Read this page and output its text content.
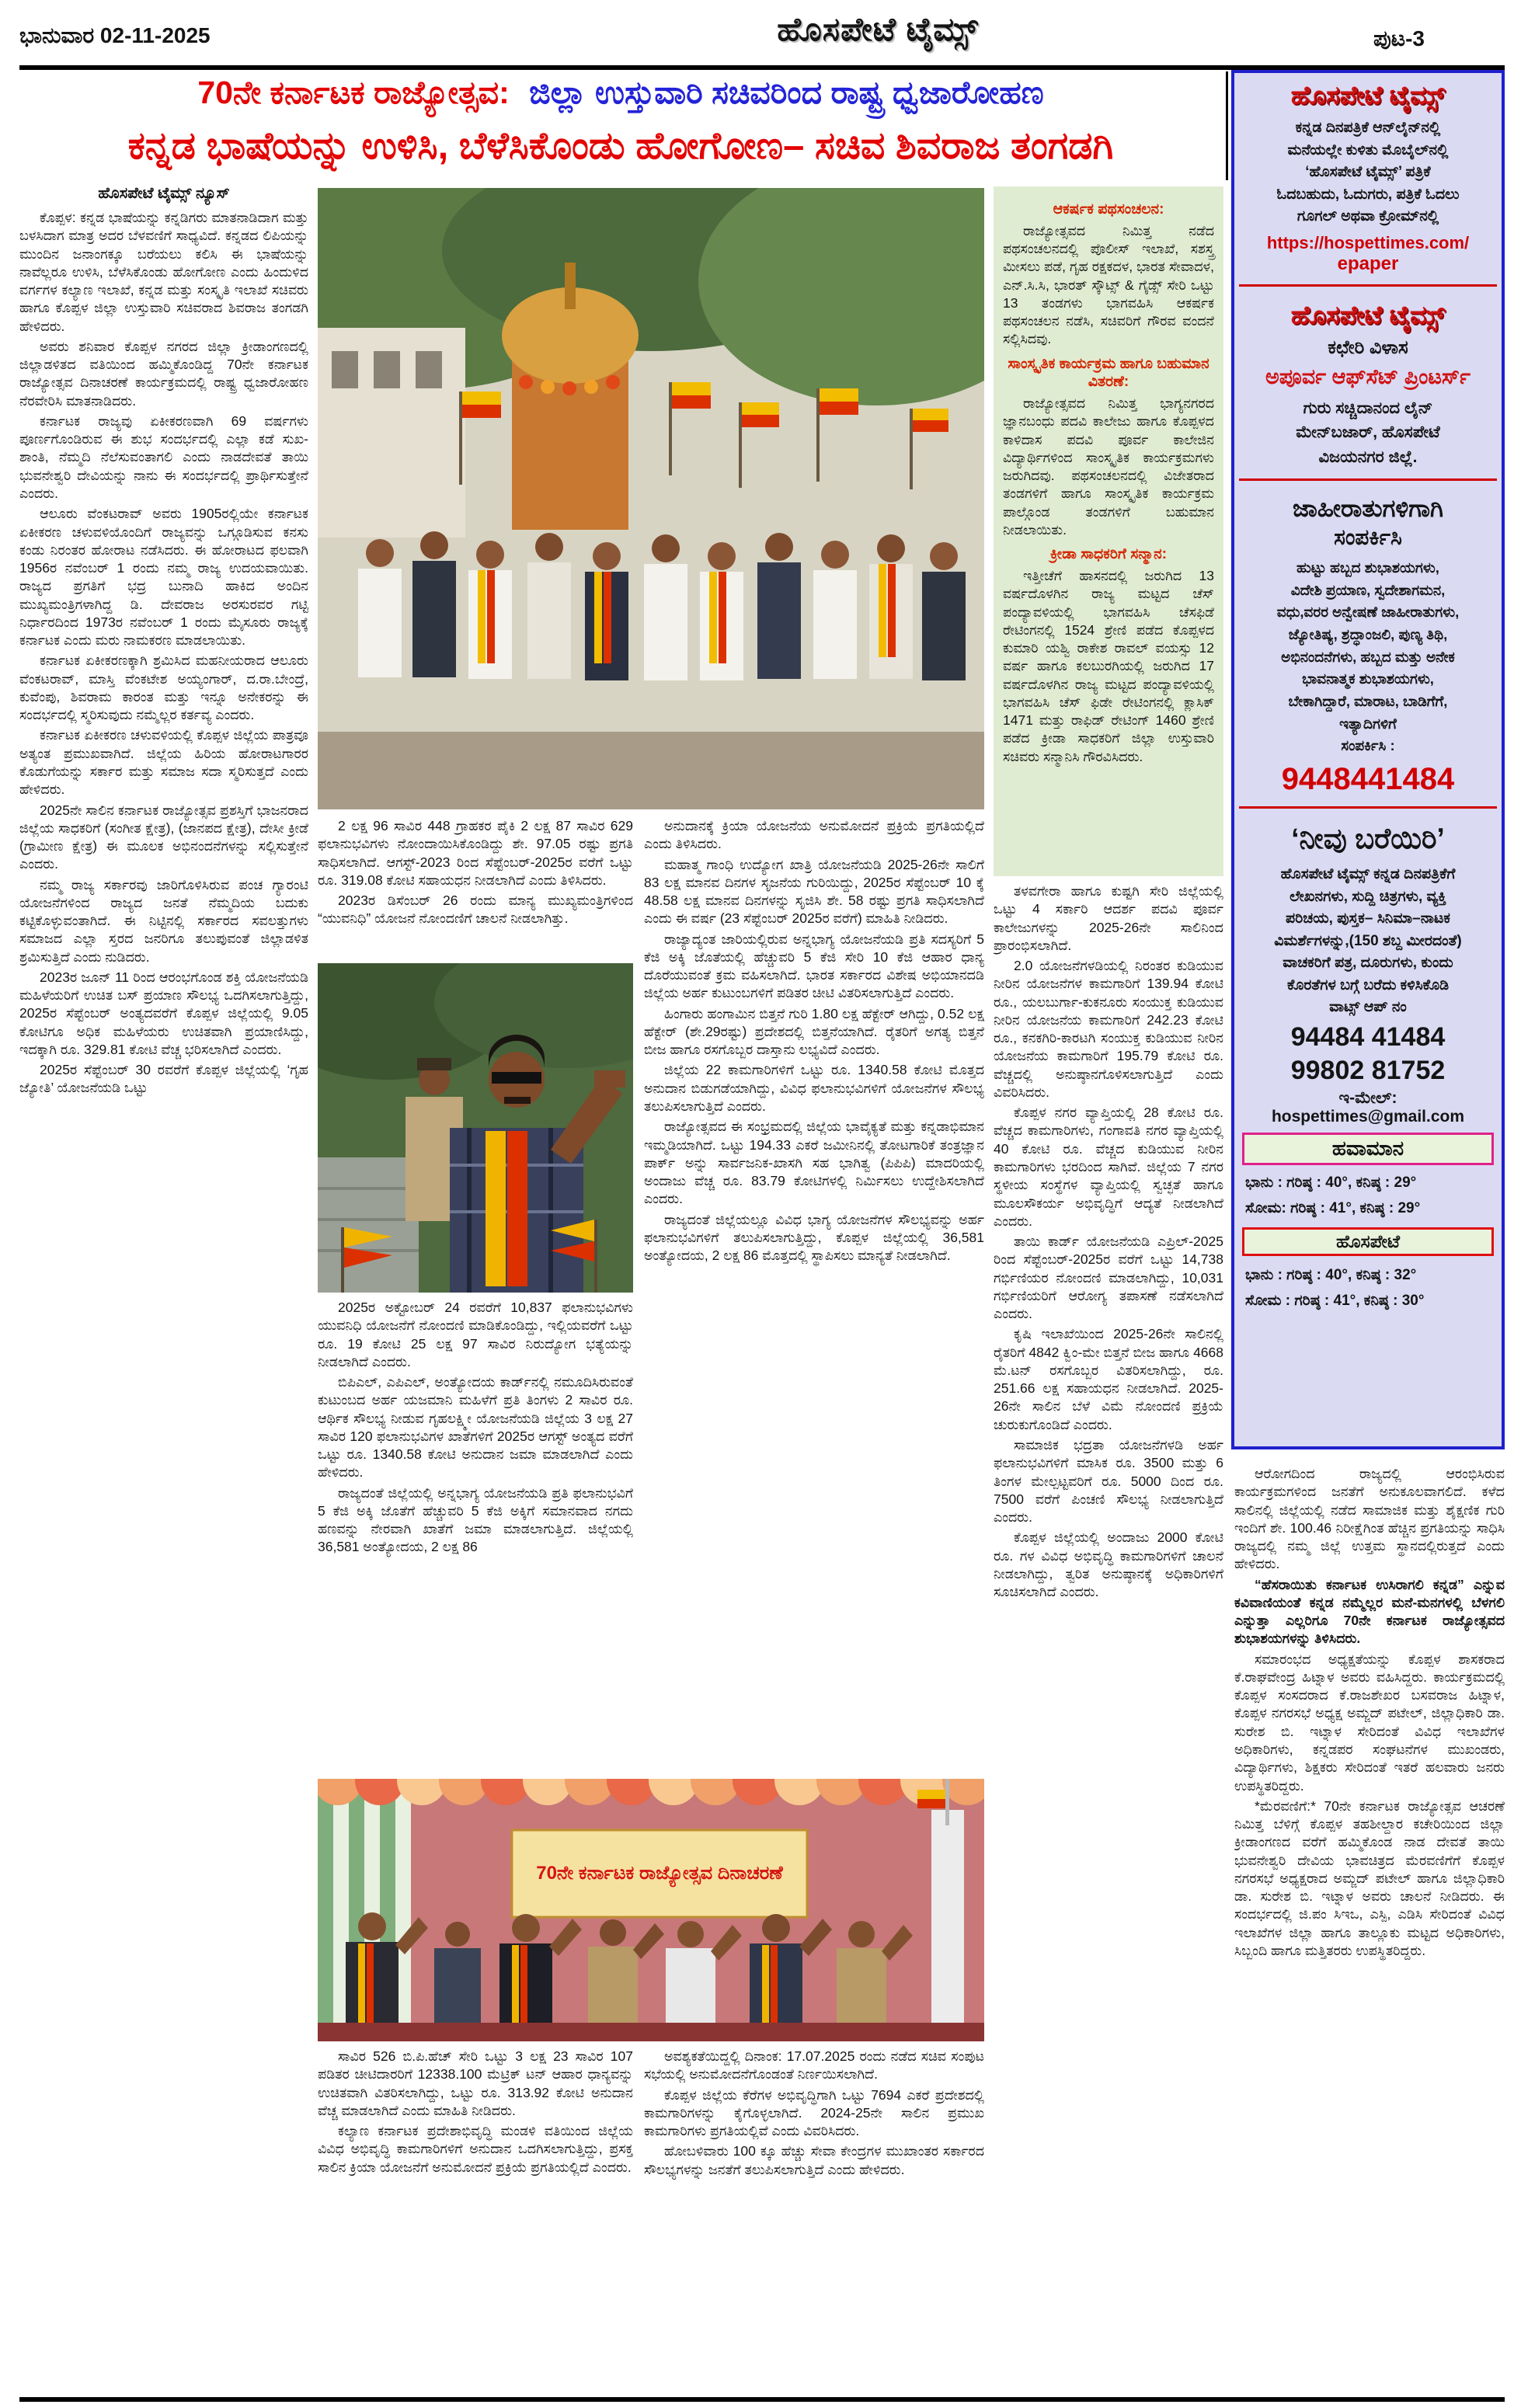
ಭಾನುವಾರ 02-11-2025	ಹೊಸಪೇಟೆ ಟೈಮ್ಸ್	ಪುಟ-3
70ನೇ ಕರ್ನಾಟಕ ರಾಜ್ಯೋತ್ಸವ: ಜಿಲ್ಲಾ ಉಸ್ತುವಾರಿ ಸಚಿವರಿಂದ ರಾಷ್ಟ್ರ ಧ್ವಜಾರೋಹಣ
ಕನ್ನಡ ಭಾಷೆಯನ್ನು ಉಳಿಸಿ, ಬೆಳೆಸಿಕೊಂಡು ಹೋಗೋಣ– ಸಚಿವ ಶಿವರಾಜ ತಂಗಡಗಿ

ಹೊಸಪೇಟೆ ಟೈಮ್ಸ್ ನ್ಯೂಸ್

ಕೊಪ್ಪಳ: ಕನ್ನಡ ಭಾಷೆಯನ್ನು ಕನ್ನಡಿಗರು ಮಾತನಾಡಿದಾಗ ಮತ್ತು ಬಳಸಿದಾಗ ಮಾತ್ರ ಅದರ ಬೆಳವಣಿಗೆ ಸಾಧ್ಯವಿದೆ. ಕನ್ನಡದ ಲಿಪಿಯನ್ನು ಮುಂದಿನ ಜನಾಂಗಕ್ಕೂ ಬರೆಯಲು ಕಲಿಸಿ ಈ ಭಾಷೆಯನ್ನು ನಾವೆಲ್ಲರೂ ಉಳಿಸಿ, ಬೆಳೆಸಿಕೊಂಡು ಹೋಗೋಣ ಎಂದು ಹಿಂದುಳಿದ ವರ್ಗಗಳ ಕಲ್ಯಾಣ ಇಲಾಖೆ, ಕನ್ನಡ ಮತ್ತು ಸಂಸ್ಕೃತಿ ಇಲಾಖೆ ಸಚಿವರು ಹಾಗೂ ಕೊಪ್ಪಳ ಜಿಲ್ಲಾ ಉಸ್ತುವಾರಿ ಸಚಿವರಾದ ಶಿವರಾಜ ತಂಗಡಗಿ ಹೇಳಿದರು.

ಅವರು ಶನಿವಾರ ಕೊಪ್ಪಳ ನಗರದ ಜಿಲ್ಲಾ ಕ್ರೀಡಾಂಗಣದಲ್ಲಿ ಜಿಲ್ಲಾಡಳಿತದ ವತಿಯಿಂದ ಹಮ್ಮಿಕೊಂಡಿದ್ದ 70ನೇ ಕರ್ನಾಟಕ ರಾಜ್ಯೋತ್ಸವ ದಿನಾಚರಣೆ ಕಾರ್ಯಕ್ರಮದಲ್ಲಿ ರಾಷ್ಟ್ರ ಧ್ವಜಾರೋಹಣ ನೆರವೇರಿಸಿ ಮಾತನಾಡಿದರು.

ಕರ್ನಾಟಕ ರಾಜ್ಯವು ಏಕೀಕರಣವಾಗಿ 69 ವರ್ಷಗಳು ಪೂರ್ಣಗೊಂಡಿರುವ ಈ ಶುಭ ಸಂದರ್ಭದಲ್ಲಿ ಎಲ್ಲಾ ಕಡೆ ಸುಖ-ಶಾಂತಿ, ನೆಮ್ಮದಿ ನೆಲೆಸುವಂತಾಗಲಿ ಎಂದು ನಾಡದೇವತೆ ತಾಯಿ ಭುವನೇಶ್ವರಿ ದೇವಿಯನ್ನು ನಾನು ಈ ಸಂದರ್ಭದಲ್ಲಿ ಪ್ರಾರ್ಥಿಸುತ್ತೇನೆ ಎಂದರು.

ಆಲೂರು ವೆಂಕಟರಾವ್ ಅವರು 1905ರಲ್ಲಿಯೇ ಕರ್ನಾಟಕ ಏಕೀಕರಣ ಚಳುವಳಿಯೊಂದಿಗೆ ರಾಜ್ಯವನ್ನು ಒಗ್ಗೂಡಿಸುವ ಕನಸು ಕಂಡು ನಿರಂತರ ಹೋರಾಟ ನಡೆಸಿದರು. ಈ ಹೋರಾಟದ ಫಲವಾಗಿ 1956ರ ನವೆಂಬರ್ 1 ರಂದು ನಮ್ಮ ರಾಜ್ಯ ಉದಯವಾಯಿತು. ರಾಜ್ಯದ ಪ್ರಗತಿಗೆ ಭದ್ರ ಬುನಾದಿ ಹಾಕಿದ ಅಂದಿನ ಮುಖ್ಯಮಂತ್ರಿಗಳಾಗಿದ್ದ ಡಿ. ದೇವರಾಜ ಅರಸುರವರ ಗಟ್ಟಿ ನಿರ್ಧಾರದಿಂದ 1973ರ ನವೆಂಬರ್ 1 ರಂದು ಮೈಸೂರು ರಾಜ್ಯಕ್ಕೆ ಕರ್ನಾಟಕ ಎಂದು ಮರು ನಾಮಕರಣ ಮಾಡಲಾಯಿತು.

ಕರ್ನಾಟಕ ಏಕೀಕರಣಕ್ಕಾಗಿ ಶ್ರಮಿಸಿದ ಮಹನೀಯರಾದ ಆಲೂರು ವೆಂಕಟರಾವ್, ಮಾಸ್ತಿ ವೆಂಕಟೇಶ ಅಯ್ಯಂಗಾರ್, ದ.ರಾ.ಬೇಂದ್ರೆ, ಕುವೆಂಪು, ಶಿವರಾಮ ಕಾರಂತ ಮತ್ತು ಇನ್ನೂ ಅನೇಕರನ್ನು ಈ ಸಂದರ್ಭದಲ್ಲಿ ಸ್ಮರಿಸುವುದು ನಮ್ಮೆಲ್ಲರ ಕರ್ತವ್ಯ ಎಂದರು.

ಕರ್ನಾಟಕ ಏಕೀಕರಣ ಚಳುವಳಿಯಲ್ಲಿ ಕೊಪ್ಪಳ ಜಿಲ್ಲೆಯ ಪಾತ್ರವೂ ಅತ್ಯಂತ ಪ್ರಮುಖವಾಗಿದೆ. ಜಿಲ್ಲೆಯ ಹಿರಿಯ ಹೋರಾಟಗಾರರ ಕೊಡುಗೆಯನ್ನು ಸರ್ಕಾರ ಮತ್ತು ಸಮಾಜ ಸದಾ ಸ್ಮರಿಸುತ್ತದೆ ಎಂದು ಹೇಳಿದರು.

2025ನೇ ಸಾಲಿನ ಕರ್ನಾಟಕ ರಾಜ್ಯೋತ್ಸವ ಪ್ರಶಸ್ತಿಗೆ ಭಾಜನರಾದ ಜಿಲ್ಲೆಯ ಸಾಧಕರಿಗೆ (ಸಂಗೀತ ಕ್ಷೇತ್ರ), (ಜಾನಪದ ಕ್ಷೇತ್ರ), ದೇಸೀ ಕ್ರೀಡೆ (ಗ್ರಾಮೀಣ ಕ್ಷೇತ್ರ) ಈ ಮೂಲಕ ಅಭಿನಂದನೆಗಳನ್ನು ಸಲ್ಲಿಸುತ್ತೇನೆ ಎಂದರು.

ನಮ್ಮ ರಾಜ್ಯ ಸರ್ಕಾರವು ಜಾರಿಗೊಳಿಸಿರುವ ಪಂಚ ಗ್ಯಾರಂಟಿ ಯೋಜನೆಗಳಿಂದ ರಾಜ್ಯದ ಜನತೆ ನೆಮ್ಮದಿಯ ಬದುಕು ಕಟ್ಟಿಕೊಳ್ಳುವಂತಾಗಿದೆ. ಈ ನಿಟ್ಟಿನಲ್ಲಿ ಸರ್ಕಾರದ ಸವಲತ್ತುಗಳು ಸಮಾಜದ ಎಲ್ಲಾ ಸ್ತರದ ಜನರಿಗೂ ತಲುಪುವಂತೆ ಜಿಲ್ಲಾಡಳಿತ ಶ್ರಮಿಸುತ್ತಿದೆ ಎಂದು ನುಡಿದರು.

2023ರ ಜೂನ್ 11 ರಿಂದ ಆರಂಭಗೊಂಡ ಶಕ್ತಿ ಯೋಜನೆಯಡಿ ಮಹಿಳೆಯರಿಗೆ ಉಚಿತ ಬಸ್ ಪ್ರಯಾಣ ಸೌಲಭ್ಯ ಒದಗಿಸಲಾಗುತ್ತಿದ್ದು, 2025ರ ಸೆಪ್ಟೆಂಬರ್ ಅಂತ್ಯದವರೆಗೆ ಕೊಪ್ಪಳ ಜಿಲ್ಲೆಯಲ್ಲಿ 9.05 ಕೋಟಿಗೂ ಅಧಿಕ ಮಹಿಳೆಯರು ಉಚಿತವಾಗಿ ಪ್ರಯಾಣಿಸಿದ್ದು, ಇದಕ್ಕಾಗಿ ರೂ. 329.81 ಕೋಟಿ ವೆಚ್ಚ ಭರಿಸಲಾಗಿದೆ ಎಂದರು.

2025ರ ಸೆಪ್ಟೆಂಬರ್ 30 ರವರೆಗೆ ಕೊಪ್ಪಳ ಜಿಲ್ಲೆಯಲ್ಲಿ ‘ಗೃಹ ಜ್ಯೋತಿ’ ಯೋಜನೆಯಡಿ ಒಟ್ಟು

2 ಲಕ್ಷ 96 ಸಾವಿರ 448 ಗ್ರಾಹಕರ ಪೈಕಿ 2 ಲಕ್ಷ 87 ಸಾವಿರ 629 ಫಲಾನುಭವಿಗಳು ನೋಂದಾಯಿಸಿಕೊಂಡಿದ್ದು ಶೇ. 97.05 ರಷ್ಟು ಪ್ರಗತಿ ಸಾಧಿಸಲಾಗಿದೆ. ಆಗಸ್ಟ್-2023 ರಿಂದ ಸೆಪ್ಟೆಂಬರ್-2025ರ ವರೆಗೆ ಒಟ್ಟು ರೂ. 319.08 ಕೋಟಿ ಸಹಾಯಧನ ನೀಡಲಾಗಿದೆ ಎಂದು ತಿಳಿಸಿದರು.

2023ರ ಡಿಸೆಂಬರ್ 26 ರಂದು ಮಾನ್ಯ ಮುಖ್ಯಮಂತ್ರಿಗಳಿಂದ “ಯುವನಿಧಿ” ಯೋಜನೆ ನೋಂದಣಿಗೆ ಚಾಲನೆ ನೀಡಲಾಗಿತ್ತು.

2025ರ ಅಕ್ಟೋಬರ್ 24 ರವರೆಗೆ 10,837 ಫಲಾನುಭವಿಗಳು ಯುವನಿಧಿ ಯೋಜನೆಗೆ ನೋಂದಣಿ ಮಾಡಿಕೊಂಡಿದ್ದು, ಇಲ್ಲಿಯವರೆಗೆ ಒಟ್ಟು ರೂ. 19 ಕೋಟಿ 25 ಲಕ್ಷ 97 ಸಾವಿರ ನಿರುದ್ಯೋಗ ಭತ್ಯೆಯನ್ನು ನೀಡಲಾಗಿದೆ ಎಂದರು.

ಬಿಪಿಎಲ್, ಎಪಿಎಲ್, ಅಂತ್ಯೋದಯ ಕಾರ್ಡ್‌ನಲ್ಲಿ ನಮೂದಿಸಿರುವಂತೆ ಕುಟುಂಬದ ಅರ್ಹ ಯಜಮಾನಿ ಮಹಿಳೆಗೆ ಪ್ರತಿ ತಿಂಗಳು 2 ಸಾವಿರ ರೂ. ಆರ್ಥಿಕ ಸೌಲಭ್ಯ ನೀಡುವ ಗೃಹಲಕ್ಷ್ಮೀ ಯೋಜನೆಯಡಿ ಜಿಲ್ಲೆಯ 3 ಲಕ್ಷ 27 ಸಾವಿರ 120 ಫಲಾನುಭವಿಗಳ ಖಾತೆಗಳಿಗೆ 2025ರ ಆಗಸ್ಟ್ ಅಂತ್ಯದ ವರೆಗೆ ಒಟ್ಟು ರೂ. 1340.58 ಕೋಟಿ ಅನುದಾನ ಜಮಾ ಮಾಡಲಾಗಿದೆ ಎಂದು ಹೇಳಿದರು.

ರಾಜ್ಯದಂತೆ ಜಿಲ್ಲೆಯಲ್ಲಿ ಅನ್ನಭಾಗ್ಯ ಯೋಜನೆಯಡಿ ಪ್ರತಿ ಫಲಾನುಭವಿಗೆ 5 ಕೆಜಿ ಅಕ್ಕಿ ಜೊತೆಗೆ ಹೆಚ್ಚುವರಿ 5 ಕೆಜಿ ಅಕ್ಕಿಗೆ ಸಮಾನವಾದ ನಗದು ಹಣವನ್ನು ನೇರವಾಗಿ ಖಾತೆಗೆ ಜಮಾ ಮಾಡಲಾಗುತ್ತಿದೆ. ಜಿಲ್ಲೆಯಲ್ಲಿ 36,581 ಅಂತ್ಯೋದಯ, 2 ಲಕ್ಷ 86

ಅನುದಾನಕ್ಕೆ ಕ್ರಿಯಾ ಯೋಜನೆಯ ಅನುಮೋದನೆ ಪ್ರಕ್ರಿಯೆ ಪ್ರಗತಿಯಲ್ಲಿದೆ ಎಂದು ತಿಳಿಸಿದರು.

ಮಹಾತ್ಮ ಗಾಂಧಿ ಉದ್ಯೋಗ ಖಾತ್ರಿ ಯೋಜನೆಯಡಿ 2025-26ನೇ ಸಾಲಿಗೆ 83 ಲಕ್ಷ ಮಾನವ ದಿನಗಳ ಸೃಜನೆಯ ಗುರಿಯಿದ್ದು, 2025ರ ಸೆಪ್ಟೆಂಬರ್ 10 ಕ್ಕೆ 48.58 ಲಕ್ಷ ಮಾನವ ದಿನಗಳನ್ನು ಸೃಜಿಸಿ ಶೇ. 58 ರಷ್ಟು ಪ್ರಗತಿ ಸಾಧಿಸಲಾಗಿದೆ ಎಂದು ಈ ವರ್ಷ (23 ಸೆಪ್ಟೆಂಬರ್ 2025ರ ವರೆಗೆ) ಮಾಹಿತಿ ನೀಡಿದರು.

ರಾಜ್ಯಾದ್ಯಂತ ಜಾರಿಯಲ್ಲಿರುವ ಅನ್ನಭಾಗ್ಯ ಯೋಜನೆಯಡಿ ಪ್ರತಿ ಸದಸ್ಯರಿಗೆ 5 ಕೆಜಿ ಅಕ್ಕಿ ಜೊತೆಯಲ್ಲಿ ಹೆಚ್ಚುವರಿ 5 ಕೆಜಿ ಸೇರಿ 10 ಕೆಜಿ ಆಹಾರ ಧಾನ್ಯ ದೊರೆಯುವಂತೆ ಕ್ರಮ ವಹಿಸಲಾಗಿದೆ. ಭಾರತ ಸರ್ಕಾರದ ವಿಶೇಷ ಅಭಿಯಾನದಡಿ ಜಿಲ್ಲೆಯ ಅರ್ಹ ಕುಟುಂಬಗಳಿಗೆ ಪಡಿತರ ಚೀಟಿ ವಿತರಿಸಲಾಗುತ್ತಿದೆ ಎಂದರು.

ಹಿಂಗಾರು ಹಂಗಾಮಿನ ಬಿತ್ತನೆ ಗುರಿ 1.80 ಲಕ್ಷ ಹೆಕ್ಟೇರ್ ಆಗಿದ್ದು, 0.52 ಲಕ್ಷ ಹೆಕ್ಟೇರ್ (ಶೇ.29ರಷ್ಟು) ಪ್ರದೇಶದಲ್ಲಿ ಬಿತ್ತನೆಯಾಗಿದೆ. ರೈತರಿಗೆ ಅಗತ್ಯ ಬಿತ್ತನೆ ಬೀಜ ಹಾಗೂ ರಸಗೊಬ್ಬರ ದಾಸ್ತಾನು ಲಭ್ಯವಿದೆ ಎಂದರು.

ಜಿಲ್ಲೆಯ 22 ಕಾಮಗಾರಿಗಳಿಗೆ ಒಟ್ಟು ರೂ. 1340.58 ಕೋಟಿ ಮೊತ್ತದ ಅನುದಾನ ಬಿಡುಗಡೆಯಾಗಿದ್ದು, ವಿವಿಧ ಫಲಾನುಭವಿಗಳಿಗೆ ಯೋಜನೆಗಳ ಸೌಲಭ್ಯ ತಲುಪಿಸಲಾಗುತ್ತಿದೆ ಎಂದರು.

ರಾಜ್ಯೋತ್ಸವದ ಈ ಸಂಭ್ರಮದಲ್ಲಿ ಜಿಲ್ಲೆಯ ಭಾವೈಕ್ಯತೆ ಮತ್ತು ಕನ್ನಡಾಭಿಮಾನ ಇಮ್ಮಡಿಯಾಗಿದೆ. ಒಟ್ಟು 194.33 ಎಕರೆ ಜಮೀನಿನಲ್ಲಿ ತೋಟಗಾರಿಕೆ ತಂತ್ರಜ್ಞಾನ ಪಾರ್ಕ್ ಅನ್ನು ಸಾರ್ವಜನಿಕ-ಖಾಸಗಿ ಸಹ ಭಾಗಿತ್ವ (ಪಿಪಿಪಿ) ಮಾದರಿಯಲ್ಲಿ ಅಂದಾಜು ವೆಚ್ಚ ರೂ. 83.79 ಕೋಟಿಗಳಲ್ಲಿ ನಿರ್ಮಿಸಲು ಉದ್ದೇಶಿಸಲಾಗಿದೆ ಎಂದರು.

ರಾಜ್ಯದಂತೆ ಜಿಲ್ಲೆಯಲ್ಲೂ ವಿವಿಧ ಭಾಗ್ಯ ಯೋಜನೆಗಳ ಸೌಲಭ್ಯವನ್ನು ಅರ್ಹ ಫಲಾನುಭವಿಗಳಿಗೆ ತಲುಪಿಸಲಾಗುತ್ತಿದ್ದು, ಕೊಪ್ಪಳ ಜಿಲ್ಲೆಯಲ್ಲಿ 36,581 ಅಂತ್ಯೋದಯ, 2 ಲಕ್ಷ 86 ಮೊತ್ತದಲ್ಲಿ ಸ್ಥಾಪಿಸಲು ಮಾನ್ಯತೆ ನೀಡಲಾಗಿದೆ.

70ನೇ ಕರ್ನಾಟಕ ರಾಜ್ಯೋತ್ಸವ ದಿನಾಚರಣೆ

ಸಾವಿರ 526 ಬಿ.ಪಿ.ಹೆಚ್ ಸೇರಿ ಒಟ್ಟು 3 ಲಕ್ಷ 23 ಸಾವಿರ 107 ಪಡಿತರ ಚೀಟಿದಾರರಿಗೆ 12338.100 ಮೆಟ್ರಿಕ್ ಟನ್ ಆಹಾರ ಧಾನ್ಯವನ್ನು ಉಚಿತವಾಗಿ ವಿತರಿಸಲಾಗಿದ್ದು, ಒಟ್ಟು ರೂ. 313.92 ಕೋಟಿ ಅನುದಾನ ವೆಚ್ಚ ಮಾಡಲಾಗಿದೆ ಎಂದು ಮಾಹಿತಿ ನೀಡಿದರು.

ಕಲ್ಯಾಣ ಕರ್ನಾಟಕ ಪ್ರದೇಶಾಭಿವೃದ್ಧಿ ಮಂಡಳಿ ವತಿಯಿಂದ ಜಿಲ್ಲೆಯ ವಿವಿಧ ಅಭಿವೃದ್ಧಿ ಕಾಮಗಾರಿಗಳಿಗೆ ಅನುದಾನ ಒದಗಿಸಲಾಗುತ್ತಿದ್ದು, ಪ್ರಸಕ್ತ ಸಾಲಿನ ಕ್ರಿಯಾ ಯೋಜನೆಗೆ ಅನುಮೋದನೆ ಪ್ರಕ್ರಿಯೆ ಪ್ರಗತಿಯಲ್ಲಿದೆ ಎಂದರು.

ಅವಶ್ಯಕತೆಯಿದ್ದಲ್ಲಿ ದಿನಾಂಕ: 17.07.2025 ರಂದು ನಡೆದ ಸಚಿವ ಸಂಪುಟ ಸಭೆಯಲ್ಲಿ ಅನುಮೋದನೆಗೊಂಡಂತೆ ನಿರ್ಣಯಿಸಲಾಗಿದೆ.

ಕೊಪ್ಪಳ ಜಿಲ್ಲೆಯ ಕೆರೆಗಳ ಅಭಿವೃದ್ಧಿಗಾಗಿ ಒಟ್ಟು 7694 ಎಕರೆ ಪ್ರದೇಶದಲ್ಲಿ ಕಾಮಗಾರಿಗಳನ್ನು ಕೈಗೊಳ್ಳಲಾಗಿದೆ. 2024-25ನೇ ಸಾಲಿನ ಪ್ರಮುಖ ಕಾಮಗಾರಿಗಳು ಪ್ರಗತಿಯಲ್ಲಿವೆ ಎಂದು ವಿವರಿಸಿದರು.

ಹೋಬಳಿವಾರು 100 ಕ್ಕೂ ಹೆಚ್ಚು ಸೇವಾ ಕೇಂದ್ರಗಳ ಮುಖಾಂತರ ಸರ್ಕಾರದ ಸೌಲಭ್ಯಗಳನ್ನು ಜನತೆಗೆ ತಲುಪಿಸಲಾಗುತ್ತಿದೆ ಎಂದು ಹೇಳಿದರು.

ಆಕರ್ಷಕ ಪಥಸಂಚಲನ:

ರಾಜ್ಯೋತ್ಸವದ ನಿಮಿತ್ತ ನಡೆದ ಪಥಸಂಚಲನದಲ್ಲಿ ಪೊಲೀಸ್ ಇಲಾಖೆ, ಸಶಸ್ತ್ರ ಮೀಸಲು ಪಡೆ, ಗೃಹ ರಕ್ಷಕದಳ, ಭಾರತ ಸೇವಾದಳ, ಎನ್.ಸಿ.ಸಿ, ಭಾರತ್ ಸ್ಕೌಟ್ಸ್ & ಗೈಡ್ಸ್ ಸೇರಿ ಒಟ್ಟು 13 ತಂಡಗಳು ಭಾಗವಹಿಸಿ ಆಕರ್ಷಕ ಪಥಸಂಚಲನ ನಡೆಸಿ, ಸಚಿವರಿಗೆ ಗೌರವ ವಂದನೆ ಸಲ್ಲಿಸಿದವು.

ಸಾಂಸ್ಕೃತಿಕ ಕಾರ್ಯಕ್ರಮ ಹಾಗೂ ಬಹುಮಾನ ವಿತರಣೆ:

ರಾಜ್ಯೋತ್ಸವದ ನಿಮಿತ್ತ ಭಾಗ್ಯನಗರದ ಜ್ಞಾನಬಂಧು ಪದವಿ ಕಾಲೇಜು ಹಾಗೂ ಕೊಪ್ಪಳದ ಕಾಳಿದಾಸ ಪದವಿ ಪೂರ್ವ ಕಾಲೇಜಿನ ವಿದ್ಯಾರ್ಥಿಗಳಿಂದ ಸಾಂಸ್ಕೃತಿಕ ಕಾರ್ಯಕ್ರಮಗಳು ಜರುಗಿದವು. ಪಥಸಂಚಲನದಲ್ಲಿ ವಿಜೇತರಾದ ತಂಡಗಳಿಗೆ ಹಾಗೂ ಸಾಂಸ್ಕೃತಿಕ ಕಾರ್ಯಕ್ರಮ ಪಾಲ್ಗೊಂಡ ತಂಡಗಳಿಗೆ ಬಹುಮಾನ ನೀಡಲಾಯಿತು.

ಕ್ರೀಡಾ ಸಾಧಕರಿಗೆ ಸನ್ಮಾನ:

ಇತ್ತೀಚೆಗೆ ಹಾಸನದಲ್ಲಿ ಜರುಗಿದ 13 ವರ್ಷದೊಳಗಿನ ರಾಜ್ಯ ಮಟ್ಟದ ಚೆಸ್ ಪಂದ್ಯಾವಳಿಯಲ್ಲಿ ಭಾಗವಹಿಸಿ ಚೆಸಫಿಡೆ ರೇಟಿಂಗನಲ್ಲಿ 1524 ಶ್ರೇಣಿ ಪಡೆದ ಕೊಪ್ಪಳದ ಕುಮಾರಿ ಯಶ್ವಿ ರಾಕೇಶ ರಾವಲ್ ವಯಸ್ಸು 12 ವರ್ಷ ಹಾಗೂ ಕಲಬುರಗಿಯಲ್ಲಿ ಜರುಗಿದ 17 ವರ್ಷದೊಳಗಿನ ರಾಜ್ಯ ಮಟ್ಟದ ಪಂದ್ಯಾವಳಿಯಲ್ಲಿ ಭಾಗವಹಿಸಿ ಚೆಸ್ ಫಿಡೇ ರೇಟಿಂಗನಲ್ಲಿ ಕ್ಲಾಸಿಕ್ 1471 ಮತ್ತು ರಾಫಿಡ್ ರೇಟಿಂಗ್ 1460 ಶ್ರೇಣಿ ಪಡೆದ ಕ್ರೀಡಾ ಸಾಧಕರಿಗೆ ಜಿಲ್ಲಾ ಉಸ್ತುವಾರಿ ಸಚಿವರು ಸನ್ಮಾನಿಸಿ ಗೌರವಿಸಿದರು.

ತಳವಗೇರಾ ಹಾಗೂ ಕುಷ್ಟಗಿ ಸೇರಿ ಜಿಲ್ಲೆಯಲ್ಲಿ ಒಟ್ಟು 4 ಸರ್ಕಾರಿ ಆದರ್ಶ ಪದವಿ ಪೂರ್ವ ಕಾಲೇಜುಗಳನ್ನು 2025-26ನೇ ಸಾಲಿನಿಂದ ಪ್ರಾರಂಭಿಸಲಾಗಿದೆ.

2.0 ಯೋಜನೆಗಳಡಿಯಲ್ಲಿ ನಿರಂತರ ಕುಡಿಯುವ ನೀರಿನ ಯೋಜನೆಗಳ ಕಾಮಗಾರಿಗೆ 139.94 ಕೋಟಿ ರೂ., ಯಲಬುರ್ಗಾ-ಕುಕನೂರು ಸಂಯುಕ್ತ ಕುಡಿಯುವ ನೀರಿನ ಯೋಜನೆಯ ಕಾಮಗಾರಿಗೆ 242.23 ಕೋಟಿ ರೂ., ಕನಕಗಿರಿ-ಕಾರಟಗಿ ಸಂಯುಕ್ತ ಕುಡಿಯುವ ನೀರಿನ ಯೋಜನೆಯ ಕಾಮಗಾರಿಗೆ 195.79 ಕೋಟಿ ರೂ. ವೆಚ್ಚದಲ್ಲಿ ಅನುಷ್ಠಾನಗೊಳಿಸಲಾಗುತ್ತಿದೆ ಎಂದು ವಿವರಿಸಿದರು.

ಕೊಪ್ಪಳ ನಗರ ವ್ಯಾಪ್ತಿಯಲ್ಲಿ 28 ಕೋಟಿ ರೂ. ವೆಚ್ಚದ ಕಾಮಗಾರಿಗಳು, ಗಂಗಾವತಿ ನಗರ ವ್ಯಾಪ್ತಿಯಲ್ಲಿ 40 ಕೋಟಿ ರೂ. ವೆಚ್ಚದ ಕುಡಿಯುವ ನೀರಿನ ಕಾಮಗಾರಿಗಳು ಭರದಿಂದ ಸಾಗಿವೆ. ಜಿಲ್ಲೆಯ 7 ನಗರ ಸ್ಥಳೀಯ ಸಂಸ್ಥೆಗಳ ವ್ಯಾಪ್ತಿಯಲ್ಲಿ ಸ್ವಚ್ಛತೆ ಹಾಗೂ ಮೂಲಸೌಕರ್ಯ ಅಭಿವೃದ್ಧಿಗೆ ಆದ್ಯತೆ ನೀಡಲಾಗಿದೆ ಎಂದರು.

ತಾಯಿ ಕಾರ್ಡ್ ಯೋಜನೆಯಡಿ ಎಪ್ರಿಲ್-2025 ರಿಂದ ಸೆಪ್ಟೆಂಬರ್-2025ರ ವರೆಗೆ ಒಟ್ಟು 14,738 ಗರ್ಭಿಣಿಯರ ನೋಂದಣಿ ಮಾಡಲಾಗಿದ್ದು, 10,031 ಗರ್ಭಿಣಿಯರಿಗೆ ಆರೋಗ್ಯ ತಪಾಸಣೆ ನಡೆಸಲಾಗಿದೆ ಎಂದರು.

ಕೃಷಿ ಇಲಾಖೆಯಿಂದ 2025-26ನೇ ಸಾಲಿನಲ್ಲಿ ರೈತರಿಗೆ 4842 ಕ್ವಿಂ-ಮೇ ಬಿತ್ತನೆ ಬೀಜ ಹಾಗೂ 4668 ಮೆ.ಟನ್ ರಸಗೊಬ್ಬರ ವಿತರಿಸಲಾಗಿದ್ದು, ರೂ. 251.66 ಲಕ್ಷ ಸಹಾಯಧನ ನೀಡಲಾಗಿದೆ. 2025-26ನೇ ಸಾಲಿನ ಬೆಳೆ ವಿಮೆ ನೋಂದಣಿ ಪ್ರಕ್ರಿಯೆ ಚುರುಕುಗೊಂಡಿದೆ ಎಂದರು.

ಸಾಮಾಜಿಕ ಭದ್ರತಾ ಯೋಜನೆಗಳಡಿ ಅರ್ಹ ಫಲಾನುಭವಿಗಳಿಗೆ ಮಾಸಿಕ ರೂ. 3500 ಮತ್ತು 6 ತಿಂಗಳ ಮೇಲ್ಪಟ್ಟವರಿಗೆ ರೂ. 5000 ದಿಂದ ರೂ. 7500 ವರೆಗೆ ಪಿಂಚಣಿ ಸೌಲಭ್ಯ ನೀಡಲಾಗುತ್ತಿದೆ ಎಂದರು.

ಕೊಪ್ಪಳ ಜಿಲ್ಲೆಯಲ್ಲಿ ಅಂದಾಜು 2000 ಕೋಟಿ ರೂ. ಗಳ ವಿವಿಧ ಅಭಿವೃದ್ಧಿ ಕಾಮಗಾರಿಗಳಿಗೆ ಚಾಲನೆ ನೀಡಲಾಗಿದ್ದು, ತ್ವರಿತ ಅನುಷ್ಠಾನಕ್ಕೆ ಅಧಿಕಾರಿಗಳಿಗೆ ಸೂಚಿಸಲಾಗಿದೆ ಎಂದರು.

ಹೊಸಪೇಟೆ ಟೈಮ್ಸ್

ಕನ್ನಡ ದಿನಪತ್ರಿಕೆ ಆನ್‌ಲೈನ್‌ನಲ್ಲಿ

ಮನೆಯಲ್ಲೇ ಕುಳಿತು ಮೊಬೈಲ್‌ನಲ್ಲಿ

‘ಹೊಸಪೇಟೆ ಟೈಮ್ಸ್’ ಪತ್ರಿಕೆ

ಓದಬಹುದು, ಓದುಗರು, ಪತ್ರಿಕೆ ಓದಲು

ಗೂಗಲ್ ಅಥವಾ ಕ್ರೋಮ್‌ನಲ್ಲಿ

https://hospettimes.com/
epaper
ಹೊಸಪೇಟೆ ಟೈಮ್ಸ್
ಕಛೇರಿ ವಿಳಾಸ
ಅಪೂರ್ವ ಆಫ್‌ಸೆಟ್ ಪ್ರಿಂಟರ್ಸ್

ಗುರು ಸಚ್ಚಿದಾನಂದ ಲೈನ್

ಮೇನ್‌ಬಜಾರ್, ಹೊಸಪೇಟೆ

ವಿಜಯನಗರ ಜಿಲ್ಲೆ.

ಜಾಹೀರಾತುಗಳಿಗಾಗಿ
ಸಂಪರ್ಕಿಸಿ

ಹುಟ್ಟು ಹಬ್ಬದ ಶುಭಾಶಯಗಳು,

ವಿದೇಶಿ ಪ್ರಯಾಣ, ಸ್ವದೇಶಾಗಮನ,

ವಧು,ವರರ ಅನ್ವೇಷಣೆ ಜಾಹೀರಾತುಗಳು,

ಜ್ಯೋತಿಷ್ಯ, ಶ್ರದ್ಧಾಂಜಲಿ, ಪುಣ್ಯ ತಿಥಿ,

ಅಭಿನಂದನೆಗಳು, ಹಬ್ಬದ ಮತ್ತು ಅನೇಕ

ಭಾವನಾತ್ಮಕ ಶುಭಾಶಯಗಳು,

ಬೇಕಾಗಿದ್ದಾರೆ, ಮಾರಾಟ, ಬಾಡಿಗೆಗೆ,

ಇತ್ಯಾದಿಗಳಿಗೆ

ಸಂಪರ್ಕಿಸಿ :

9448441484
‘ನೀವು ಬರೆಯಿರಿ’

ಹೊಸಪೇಟೆ ಟೈಮ್ಸ್ ಕನ್ನಡ ದಿನಪತ್ರಿಕೆಗೆ

ಲೇಖನಗಳು, ಸುದ್ದಿ ಚಿತ್ರಗಳು, ವ್ಯಕ್ತಿ

ಪರಿಚಯ, ಪುಸ್ತಕ– ಸಿನಿಮಾ–ನಾಟಕ

ವಿಮರ್ಶೆಗಳನ್ನು,(150 ಶಬ್ದ ಮೀರದಂತೆ)

ವಾಚಕರಿಗೆ ಪತ್ರ, ದೂರುಗಳು, ಕುಂದು

ಕೊರತೆಗಳ ಬಗ್ಗೆ ಬರೆದು ಕಳಿಸಿಕೊಡಿ

ವಾಟ್ಸ್ ಆಪ್ ನಂ

94484 41484
99802 81752
ಇ-ಮೇಲ್: hospettimes@gmail.com
ಹವಾಮಾನ

ಭಾನು : ಗರಿಷ್ಠ : 40°, ಕನಿಷ್ಠ : 29°

ಸೋಮ: ಗರಿಷ್ಠ : 41°, ಕನಿಷ್ಠ : 29°

ಹೊಸಪೇಟೆ

ಭಾನು : ಗರಿಷ್ಠ : 40°, ಕನಿಷ್ಠ : 32°

ಸೋಮ : ಗರಿಷ್ಠ : 41°, ಕನಿಷ್ಠ : 30°

ಆರೋಗದಿಂದ ರಾಜ್ಯದಲ್ಲಿ ಆರಂಭಿಸಿರುವ ಕಾರ್ಯಕ್ರಮಗಳಿಂದ ಜನತೆಗೆ ಅನುಕೂಲವಾಗಲಿದೆ. ಕಳೆದ ಸಾಲಿನಲ್ಲಿ ಜಿಲ್ಲೆಯಲ್ಲಿ ನಡೆದ ಸಾಮಾಜಿಕ ಮತ್ತು ಶೈಕ್ಷಣಿಕ ಗುರಿ ಇಂದಿಗೆ ಶೇ. 100.46 ನಿರೀಕ್ಷೆಗಿಂತ ಹೆಚ್ಚಿನ ಪ್ರಗತಿಯನ್ನು ಸಾಧಿಸಿ ರಾಜ್ಯದಲ್ಲಿ ನಮ್ಮ ಜಿಲ್ಲೆ ಉತ್ತಮ ಸ್ಥಾನದಲ್ಲಿರುತ್ತದೆ ಎಂದು ಹೇಳಿದರು.

“ಹೆಸರಾಯಿತು ಕರ್ನಾಟಕ ಉಸಿರಾಗಲಿ ಕನ್ನಡ” ಎನ್ನುವ ಕವಿವಾಣಿಯಂತೆ ಕನ್ನಡ ನಮ್ಮೆಲ್ಲರ ಮನೆ-ಮನಗಳಲ್ಲಿ ಬೆಳಗಲಿ ಎನ್ನುತ್ತಾ ಎಲ್ಲರಿಗೂ 70ನೇ ಕರ್ನಾಟಕ ರಾಜ್ಯೋತ್ಸವದ ಶುಭಾಶಯಗಳನ್ನು ತಿಳಿಸಿದರು.

ಸಮಾರಂಭದ ಅಧ್ಯಕ್ಷತೆಯನ್ನು ಕೊಪ್ಪಳ ಶಾಸಕರಾದ ಕೆ.ರಾಘವೇಂದ್ರ ಹಿಟ್ನಾಳ ಅವರು ವಹಿಸಿದ್ದರು. ಕಾರ್ಯಕ್ರಮದಲ್ಲಿ ಕೊಪ್ಪಳ ಸಂಸದರಾದ ಕೆ.ರಾಜಶೇಖರ ಬಸವರಾಜ ಹಿಟ್ನಾಳ, ಕೊಪ್ಪಳ ನಗರಸಭೆ ಅಧ್ಯಕ್ಷ ಅಮ್ಜದ್ ಪಟೇಲ್, ಜಿಲ್ಲಾಧಿಕಾರಿ ಡಾ. ಸುರೇಶ ಬಿ. ಇಟ್ನಾಳ ಸೇರಿದಂತೆ ವಿವಿಧ ಇಲಾಖೆಗಳ ಅಧಿಕಾರಿಗಳು, ಕನ್ನಡಪರ ಸಂಘಟನೆಗಳ ಮುಖಂಡರು, ವಿದ್ಯಾರ್ಥಿಗಳು, ಶಿಕ್ಷಕರು ಸೇರಿದಂತೆ ಇತರೆ ಹಲವಾರು ಜನರು ಉಪಸ್ಥಿತರಿದ್ದರು.

*ಮೆರವಣಿಗೆ:* 70ನೇ ಕರ್ನಾಟಕ ರಾಜ್ಯೋತ್ಸವ ಆಚರಣೆ ನಿಮಿತ್ತ ಬೆಳಿಗ್ಗೆ ಕೊಪ್ಪಳ ತಹಶೀಲ್ದಾರ ಕಚೇರಿಯಿಂದ ಜಿಲ್ಲಾ ಕ್ರೀಡಾಂಗಣದ ವರೆಗೆ ಹಮ್ಮಿಕೊಂಡ ನಾಡ ದೇವತೆ ತಾಯಿ ಭುವನೇಶ್ವರಿ ದೇವಿಯ ಭಾವಚಿತ್ರದ ಮೆರವಣಿಗೆಗೆ ಕೊಪ್ಪಳ ನಗರಸಭೆ ಅಧ್ಯಕ್ಷರಾದ ಅಮ್ಜದ್ ಪಟೇಲ್ ಹಾಗೂ ಜಿಲ್ಲಾಧಿಕಾರಿ ಡಾ. ಸುರೇಶ ಬಿ. ಇಟ್ನಾಳ ಅವರು ಚಾಲನೆ ನೀಡಿದರು. ಈ ಸಂದರ್ಭದಲ್ಲಿ ಜಿ.ಪಂ ಸಿಇಒ, ಎಸ್ಪಿ, ಎಡಿಸಿ ಸೇರಿದಂತೆ ವಿವಿಧ ಇಲಾಖೆಗಳ ಜಿಲ್ಲಾ ಹಾಗೂ ತಾಲ್ಲೂಕು ಮಟ್ಟದ ಅಧಿಕಾರಿಗಳು, ಸಿಬ್ಬಂದಿ ಹಾಗೂ ಮತ್ತಿತರರು ಉಪಸ್ಥಿತರಿದ್ದರು.
